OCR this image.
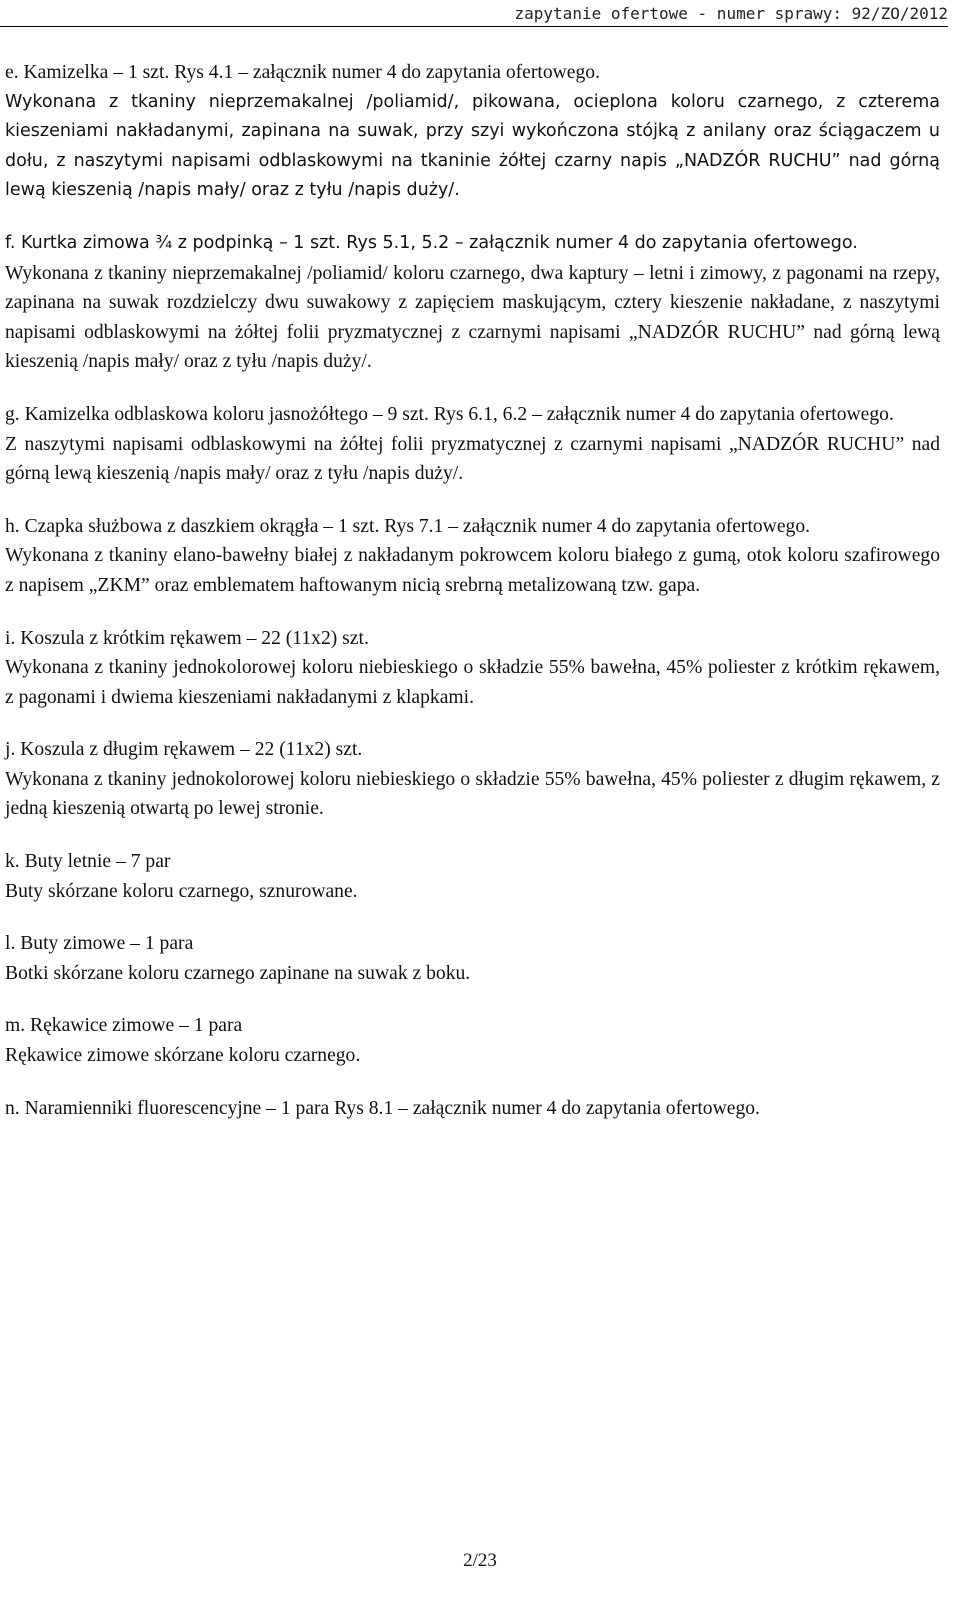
zapytanie ofertowe - numer sprawy: 92/ZO/2012

e. Kamizelka – 1 szt. Rys 4.1 – załącznik numer 4 do zapytania ofertowego.

Wykonana z tkaniny nieprzemakalnej /poliamid/, pikowana, ocieplona koloru czarnego, z czterema kieszeniami nakładanymi, zapinana na suwak, przy szyi wykończona stójką z anilany oraz ściągaczem u dołu, z naszytymi napisami odblaskowymi na tkaninie żółtej czarny napis „NADZÓR RUCHU” nad górną lewą kieszenią /napis mały/ oraz z tyłu /napis duży/.

f. Kurtka zimowa ¾ z podpinką – 1 szt. Rys 5.1, 5.2 – załącznik numer 4 do zapytania ofertowego.

Wykonana z tkaniny nieprzemakalnej /poliamid/ koloru czarnego, dwa kaptury – letni i zimowy, z pagonami na rzepy, zapinana na suwak rozdzielczy dwu suwakowy z zapięciem maskującym, cztery kieszenie nakładane, z naszytymi napisami odblaskowymi na żółtej folii pryzmatycznej z czarnymi napisami „NADZÓR RUCHU” nad górną lewą kieszenią /napis mały/ oraz z tyłu /napis duży/.

g. Kamizelka odblaskowa koloru jasnożółtego – 9 szt. Rys 6.1, 6.2 – załącznik numer 4 do zapytania ofertowego.

Z naszytymi napisami odblaskowymi na żółtej folii pryzmatycznej z czarnymi napisami „NADZÓR RUCHU” nad górną lewą kieszenią /napis mały/ oraz z tyłu /napis duży/.

h. Czapka służbowa z daszkiem okrągła – 1 szt. Rys 7.1 – załącznik numer 4 do zapytania ofertowego.

Wykonana z tkaniny elano-bawełny białej z nakładanym pokrowcem koloru białego z gumą, otok koloru szafirowego z napisem „ZKM” oraz emblematem haftowanym nicią srebrną metalizowaną tzw. gapa.

i. Koszula z krótkim rękawem – 22 (11x2) szt.

Wykonana z tkaniny jednokolorowej koloru niebieskiego o składzie 55% bawełna, 45% poliester z krótkim rękawem, z pagonami i dwiema kieszeniami nakładanymi z klapkami.

j. Koszula z długim rękawem – 22 (11x2) szt.

Wykonana z tkaniny jednokolorowej koloru niebieskiego o składzie 55% bawełna, 45% poliester z długim rękawem, z jedną kieszenią otwartą po lewej stronie.

k. Buty letnie – 7 par

Buty skórzane koloru czarnego, sznurowane.

l. Buty zimowe – 1 para

Botki skórzane koloru czarnego zapinane na suwak z boku.

m. Rękawice zimowe – 1 para

Rękawice zimowe skórzane koloru czarnego.

n. Naramienniki fluorescencyjne – 1 para Rys 8.1 – załącznik numer 4 do zapytania ofertowego.

2/23
